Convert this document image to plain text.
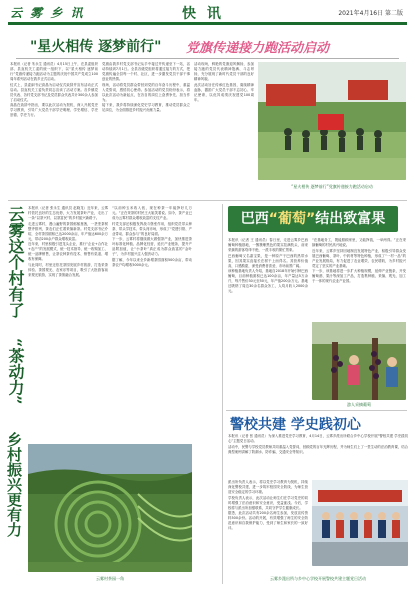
云 雾 乡 讯	快 讯	2021年4月16日 第二版
"星火相传 逐梦前行" 党旗传递接力跑活动启动

本报讯（记者 朱永生 通讯员）4月15日上午，在县委组织部、县直机关工委的统一组织下，以“星火相传 逐梦前行”党旗传递接力跑活动为主题的庆祝中国共产党成立100周年系列活动在我乡正式启动。

仪式上，县委副书记高晶为启动仪式致辞并宣布活动正式启动。县直机关工委负责同志宣读了活动方案。各乡镇党员代表、各村党支部书记及党员群众代表共计300余人参加了启动仪式。

高晶在致辞中指出，要以此次活动为契机，深入开展党史学习教育，引导广大党员干部学史明理、学史增信、学史崇德、学史力行。

党旗由我乡村党支部书记从手中接过并传递至下一站，活动持续到7月1日。全县各级党组织将通过接力的方式，把党旗传遍全县每一个村、社区，进一步激发党员干部干事创业的热情。

现场，活动将党员群众带回到党的百年奋斗历程中，重温入党誓词，感悟初心使命。参加活动的党员纷纷表示，将以此次活动为新起点，在各自的岗位上奋勇争先、担当作为。

接下来，我乡将持续深化党史学习教育，推动党员群众立足岗位，为全面推进乡村振兴贡献力量。

活动现场，鲜艳的党旗迎风飘扬，参加接力跑的党员代表精神饱满、斗志昂扬，充分展现了新时代党员干部的良好精神风貌。

此次活动旨在传承红色基因，赓续精神血脉，激励广大党员干部不忘初心、牢记使命，以优异成绩庆祝建党100周年。

“星火相传 逐梦前行”党旗传递接力跑活动启动
云雾这个村有了
“茶动力”
乡村振兴更有力

本报讯（记者 张永生 通讯员 赵晓龙）近年来，云雾村依托良好的生态优势，大力发展茶叶产业，走出了一条“以茶兴村、以茶富民”的乡村振兴新路子。

走进云雾村，漫山遍野的茶园郁郁葱葱，一垄垄茶树整齐排列，茶农们正忙着采摘新茶。村党支部书记介绍，全村茶园面积已达2000余亩，年产值达600余万元，带动200余户群众增收致富。

近年来，村里积极引进龙头企业，推行“企业+合作社+农户”的发展模式，统一技术指导、统一收购加工、统一品牌销售，让茶农种茶有技术、销售有渠道、增收有保障。

与此同时，村里还依托茶园发展乡村旅游，打造采茶体验、茶园观光、农家乐等项目，吸引了大批游客前来观光旅游，实现了茶旅融合发展。

“以前种玉米收入低，现在种茶一年能挣好几万元。”正在采茶的村民王大姐笑着说。如今，茶产业已成为云雾村群众增收致富的支柱产业。

村党支部还积极发挥战斗堡垒作用，组织党员带头种茶、带头学技术、带头闯市场，形成了“党建引领、产业带动、群众参与”的良好局面。

下一步，云雾村将继续做大做强茶产业，加快推进茶叶标准化种植、品牌化经营，延长产业链条，提升产品附加值，让“小茶叶”真正成为群众致富的“金叶子”，为乡村振兴注入强劲动力。

据了解，今年以来全乡新增茶园面积500余亩，带动茶农户均增收5000余元。

云雾村茶园一角
巴西“葡萄”结出致富果

本报讯（记者 王 通讯员）春日里，走进云雾乡巴西葡萄种植基地，一簇簇紫黑色的果实挂满枝头，前来采摘的游客络绎不绝，一派丰收的繁忙景象。

巴西葡萄又名嘉宝果，是一种原产于巴西的热带水果，因其果实直接长在树干上而得名。其营养价值高，口感酸甜，深受消费者喜爱，市场前景广阔。

该种植基地负责人介绍，基地自2018年开始引种巴西葡萄，目前种植面积已达100余亩，年产量达5万余斤，每斤售价30元至50元，年产值200余万元。基地还吸纳了周边30余名群众务工，人均月收入2000余元。

“在基地务工，既能照顾家里，又能挣钱，一举两得。”正在采摘葡萄的村民高兴地说。

近年来，云雾乡坚持因地制宜发展特色产业，积极引导群众发展巴西葡萄、茶叶、中药材等特色种植，形成了“一村一品”的产业发展格局，有力促进了农业增效、农民增收，为乡村振兴奠定了坚实的产业基础。

下一步，该基地将进一步扩大种植规模，延伸产业链条，开发葡萄酒、果汁等深加工产品，打造集种植、采摘、观光、加工于一体的现代农业产业园。

游人采摘葡萄
警校共建 学史践初心

本报讯（记者 张 通讯员）为深入推进党史学习教育，4月14日，云雾乡派出所联合乡中心学校开展“警校共建 学史践初心”主题党日活动。

活动中，民警与学校党员教师共同重温入党誓词，回顾党的百年光辉历程，并为师生们上了一堂生动的法治教育课，结合典型案例讲解了防溺水、防诈骗、交通安全等知识。

派出所负责人表示，将以党史学习教育为契机，持续深化警校共建，进一步筑牢校园安全防线，为师生营造安全稳定的学习环境。

学校负责人表示，此次活动让师生们在学习党史的同时增强了法治意识和安全意识，受益匪浅。今后，学校将与派出所加强联系，共同守护学生健康成长。

据悉，此次活动共有200余名师生参加，发放宣传资料500余份。活动的开展，有效增强了师生的安全防范意识和自我保护能力，受到了师生和家长的一致好评。

云雾乡派出所与乡中心学校开展警校共建主题党日活动
